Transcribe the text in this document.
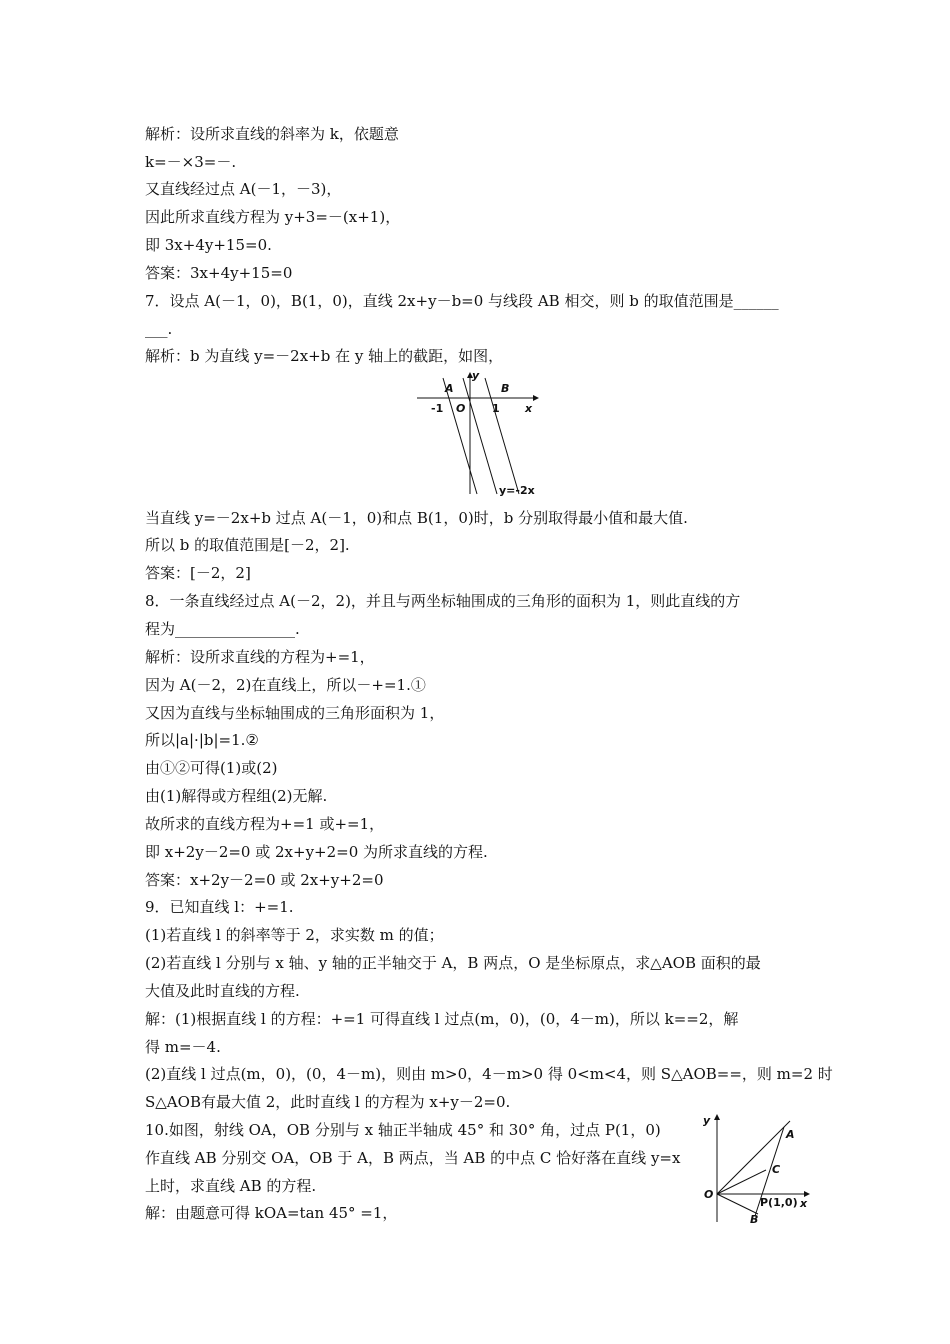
解析：设所求直线的斜率为 k，依题意
k=－×3=－.
又直线经过点 A(－1，－3)，
因此所求直线方程为 y+3=－(x+1)，
即 3x+4y+15=0.
答案：3x+4y+15=0
7．设点 A(－1，0)，B(1，0)，直线 2x+y－b=0 与线段 AB 相交，则 b 的取值范围是______
___.
解析：b 为直线 y=－2x+b 在 y 轴上的截距，如图，
y
x
A	B
O
-1	1
y=-2x
当直线 y=－2x+b 过点 A(－1，0)和点 B(1，0)时，b 分别取得最小值和最大值.
所以 b 的取值范围是[－2，2].
答案：[－2，2]
8．一条直线经过点 A(－2，2)，并且与两坐标轴围成的三角形的面积为 1，则此直线的方
程为________________.
解析：设所求直线的方程为+=1，
因为 A(－2，2)在直线上，所以－+=1.①
又因为直线与坐标轴围成的三角形面积为 1，
所以|a|·|b|=1.②
由①②可得(1)或(2)
由(1)解得或方程组(2)无解.
故所求的直线方程为+=1 或+=1，
即 x+2y－2=0 或 2x+y+2=0 为所求直线的方程.
答案：x+2y－2=0 或 2x+y+2=0
9．已知直线 l：+=1.
(1)若直线 l 的斜率等于 2，求实数 m 的值；
(2)若直线 l 分别与 x 轴、y 轴的正半轴交于 A，B 两点，O 是坐标原点，求△AOB 面积的最
大值及此时直线的方程.
解：(1)根据直线 l 的方程：+=1 可得直线 l 过点(m，0)，(0，4－m)，所以 k==2，解
得 m=－4.
(2)直线 l 过点(m，0)，(0，4－m)，则由 m>0，4－m>0 得 0<m<4，则 S△AOB==，则 m=2 时
S△AOB有最大值 2，此时直线 l 的方程为 x+y－2=0.
10.如图，射线 OA，OB 分别与 x 轴正半轴成 45° 和 30° 角，过点 P(1，0)
作直线 AB 分别交 OA，OB 于 A，B 两点，当 AB 的中点 C 恰好落在直线 y=x
上时，求直线 AB 的方程.
解：由题意可得 kOA=tan 45° =1，
y
x
A
C
O
P(1,0)
B
